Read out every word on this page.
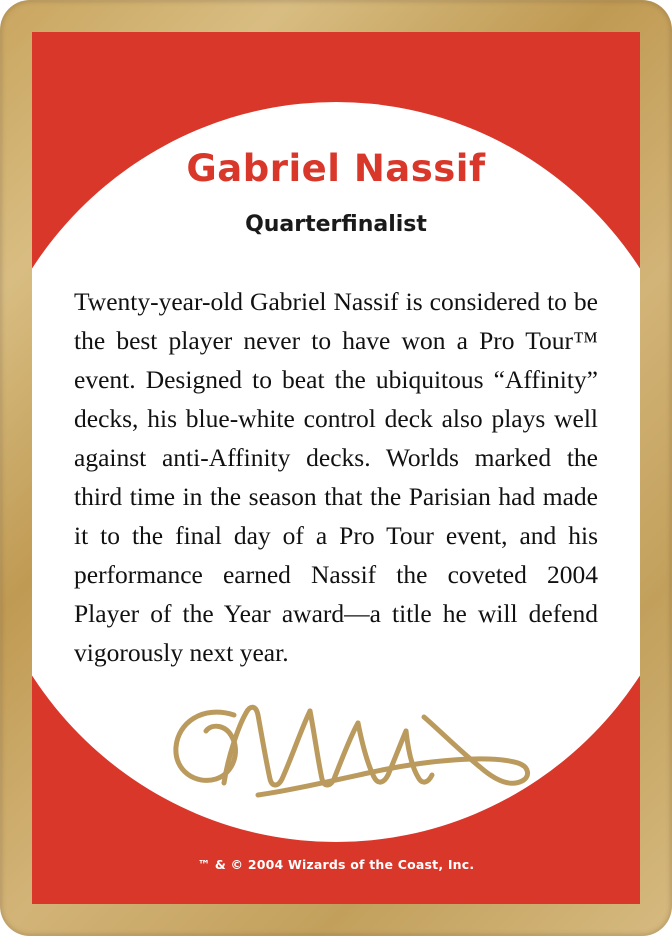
Gabriel Nassif
Quarterfinalist

Twenty-year-old Gabriel Nassif is considered to be the best player never to have won a Pro Tour™ event. Designed to beat the ubiquitous “Affinity” decks, his blue-white control deck also plays well against anti-Affinity decks. Worlds marked the third time in the season that the Parisian had made it to the final day of a Pro Tour event, and his performance earned Nassif the coveted 2004 Player of the Year award—a title he will defend vigorously next year.

™ & © 2004 Wizards of the Coast, Inc.
